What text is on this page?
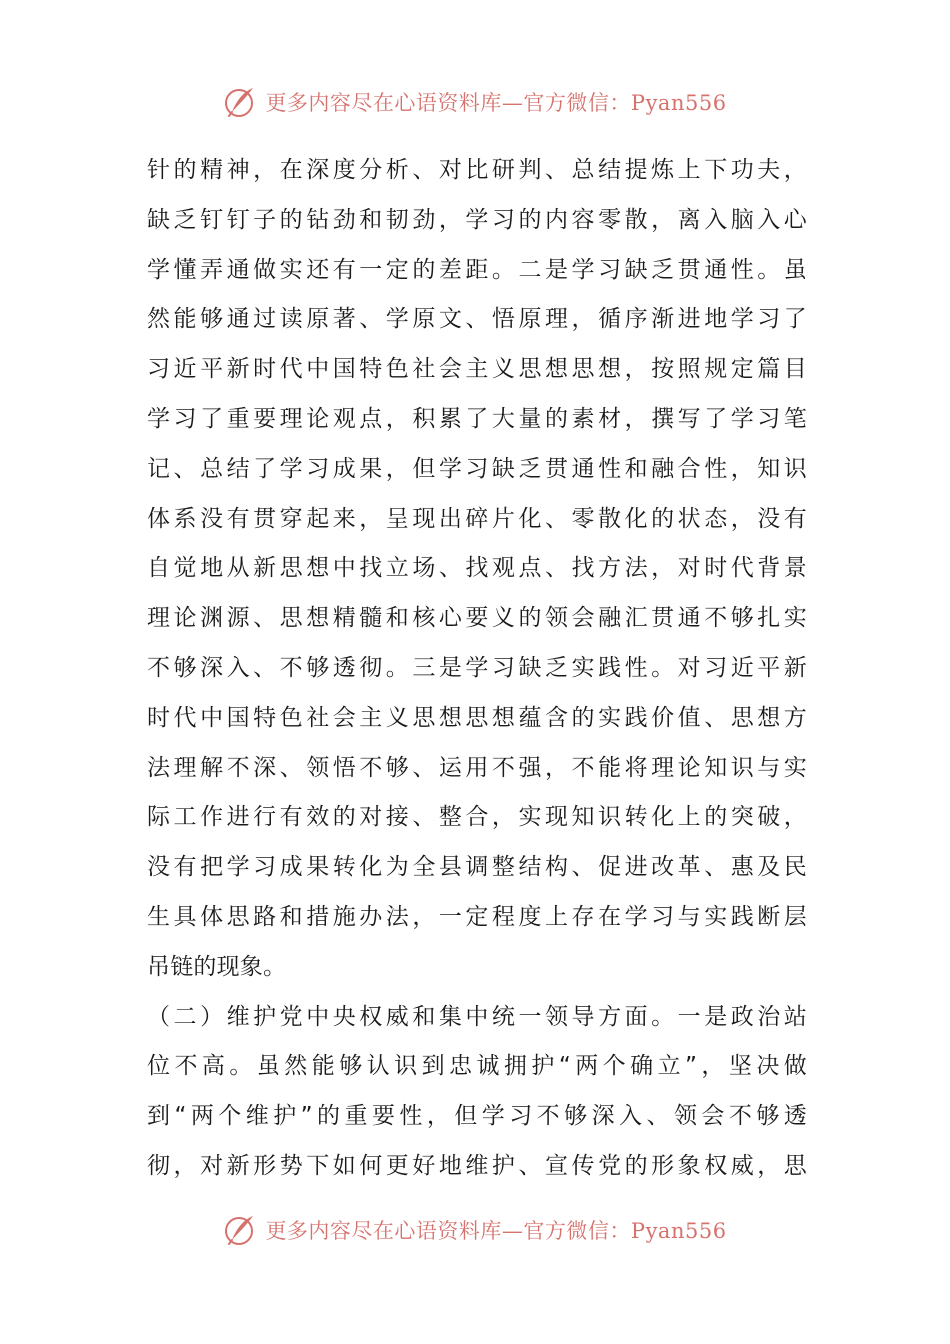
更多内容尽在心语资料库—官方微信：Pyan556
针的精神，在深度分析、对比研判、总结提炼上下功夫，
缺乏钉钉子的钻劲和韧劲，学习的内容零散，离入脑入心
学懂弄通做实还有一定的差距。二是学习缺乏贯通性。虽
然能够通过读原著、学原文、悟原理，循序渐进地学习了
习近平新时代中国特色社会主义思想思想，按照规定篇目
学习了重要理论观点，积累了大量的素材，撰写了学习笔
记、总结了学习成果，但学习缺乏贯通性和融合性，知识
体系没有贯穿起来，呈现出碎片化、零散化的状态，没有
自觉地从新思想中找立场、找观点、找方法，对时代背景
理论渊源、思想精髓和核心要义的领会融汇贯通不够扎实
不够深入、不够透彻。三是学习缺乏实践性。对习近平新
时代中国特色社会主义思想思想蕴含的实践价值、思想方
法理解不深、领悟不够、运用不强，不能将理论知识与实
际工作进行有效的对接、整合，实现知识转化上的突破，
没有把学习成果转化为全县调整结构、促进改革、惠及民
生具体思路和措施办法，一定程度上存在学习与实践断层
吊链的现象。
（二）维护党中央权威和集中统一领导方面。一是政治站
位不高。虽然能够认识到忠诚拥护“两个确立”，坚决做
到“两个维护”的重要性，但学习不够深入、领会不够透
彻，对新形势下如何更好地维护、宣传党的形象权威，思
更多内容尽在心语资料库—官方微信：Pyan556
